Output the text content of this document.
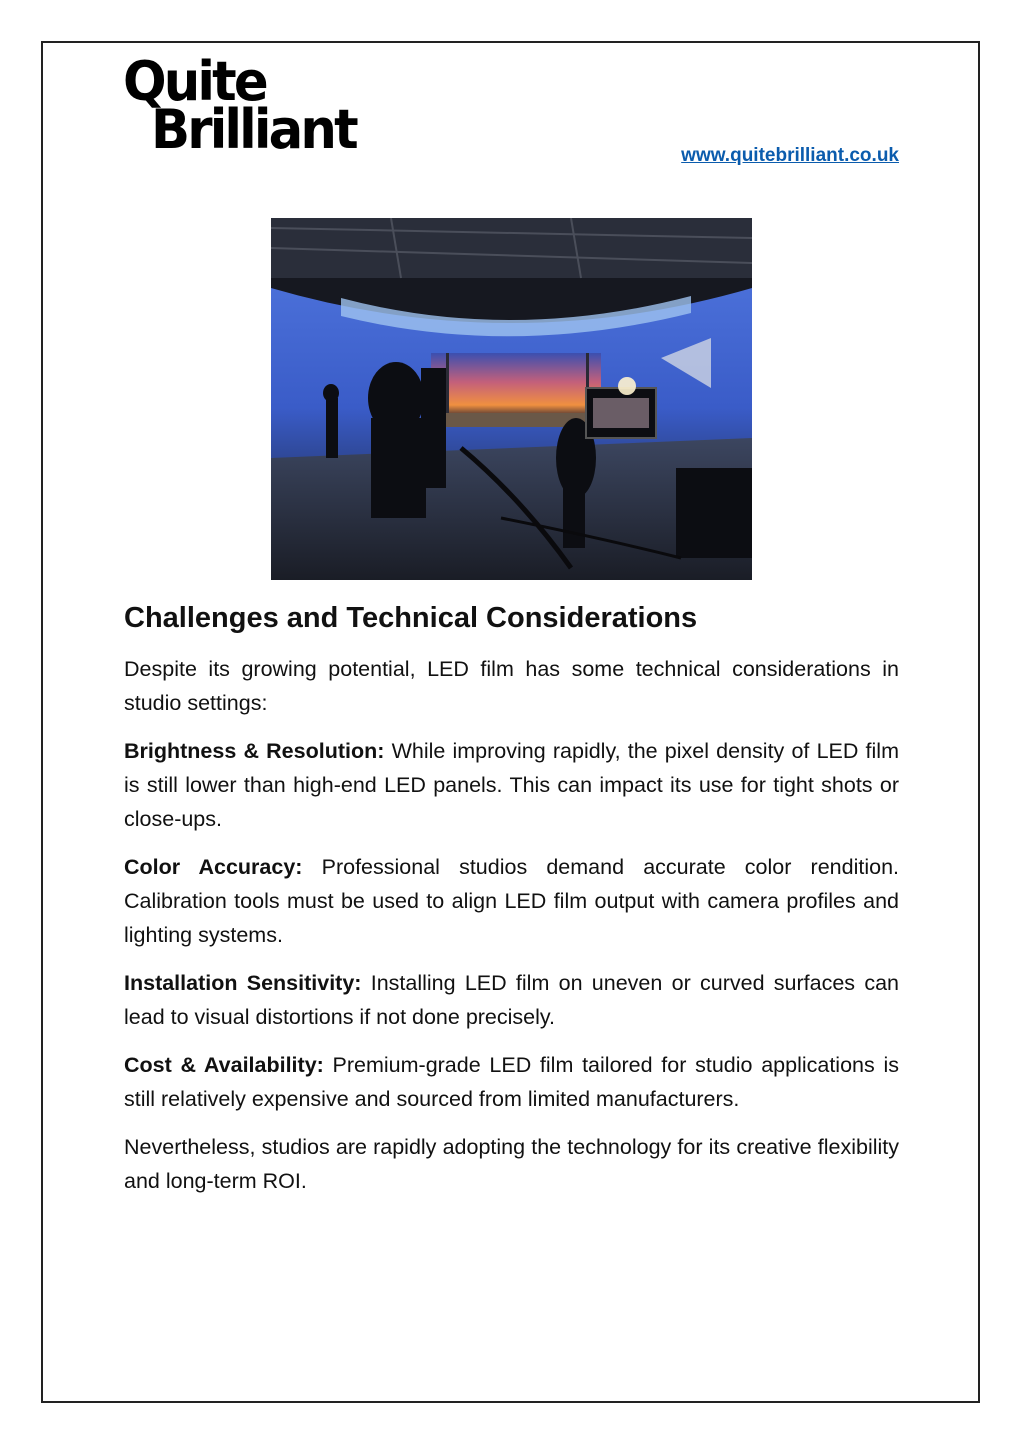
Quite
Brilliant	www.quitebrilliant.co.uk
Challenges and Technical Considerations

Despite its growing potential, LED film has some technical considerations in studio settings:

Brightness & Resolution: While improving rapidly, the pixel density of LED film is still lower than high-end LED panels. This can impact its use for tight shots or close-ups.

Color Accuracy: Professional studios demand accurate color rendition. Calibration tools must be used to align LED film output with camera profiles and lighting systems.

Installation Sensitivity: Installing LED film on uneven or curved surfaces can lead to visual distortions if not done precisely.

Cost & Availability: Premium-grade LED film tailored for studio applications is still relatively expensive and sourced from limited manufacturers.

Nevertheless, studios are rapidly adopting the technology for its creative flexibility and long-term ROI.
